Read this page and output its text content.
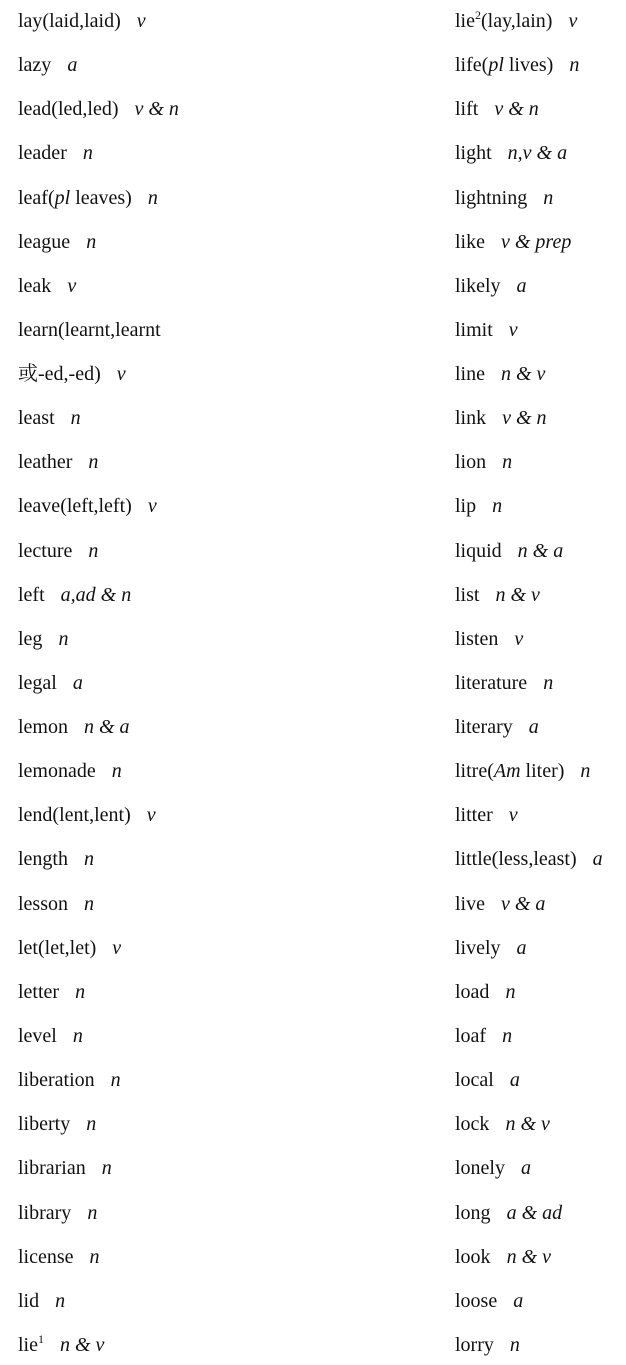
lay(laid,laid) v
lazy a
lead(led,led) v & n
leader n
leaf(pl leaves) n
league n
leak v
learn(learnt,learnt
或-ed,-ed) v
least n
leather n
leave(left,left) v
lecture n
left a,ad & n
leg n
legal a
lemon n & a
lemonade n
lend(lent,lent) v
length n
lesson n
let(let,let) v
letter n
level n
liberation n
liberty n
librarian n
library n
license n
lid n
lie$^1$ n & v
lie$^2$(lay,lain) v
life(pl lives) n
lift v & n
light n,v & a
lightning n
like v & prep
likely a
limit v
line n & v
link v & n
lion n
lip n
liquid n & a
list n & v
listen v
literature n
literary a
litre(Am liter) n
litter v
little(less,least) a
live v & a
lively a
load n
loaf n
local a
lock n & v
lonely a
long a & ad
look n & v
loose a
lorry n
